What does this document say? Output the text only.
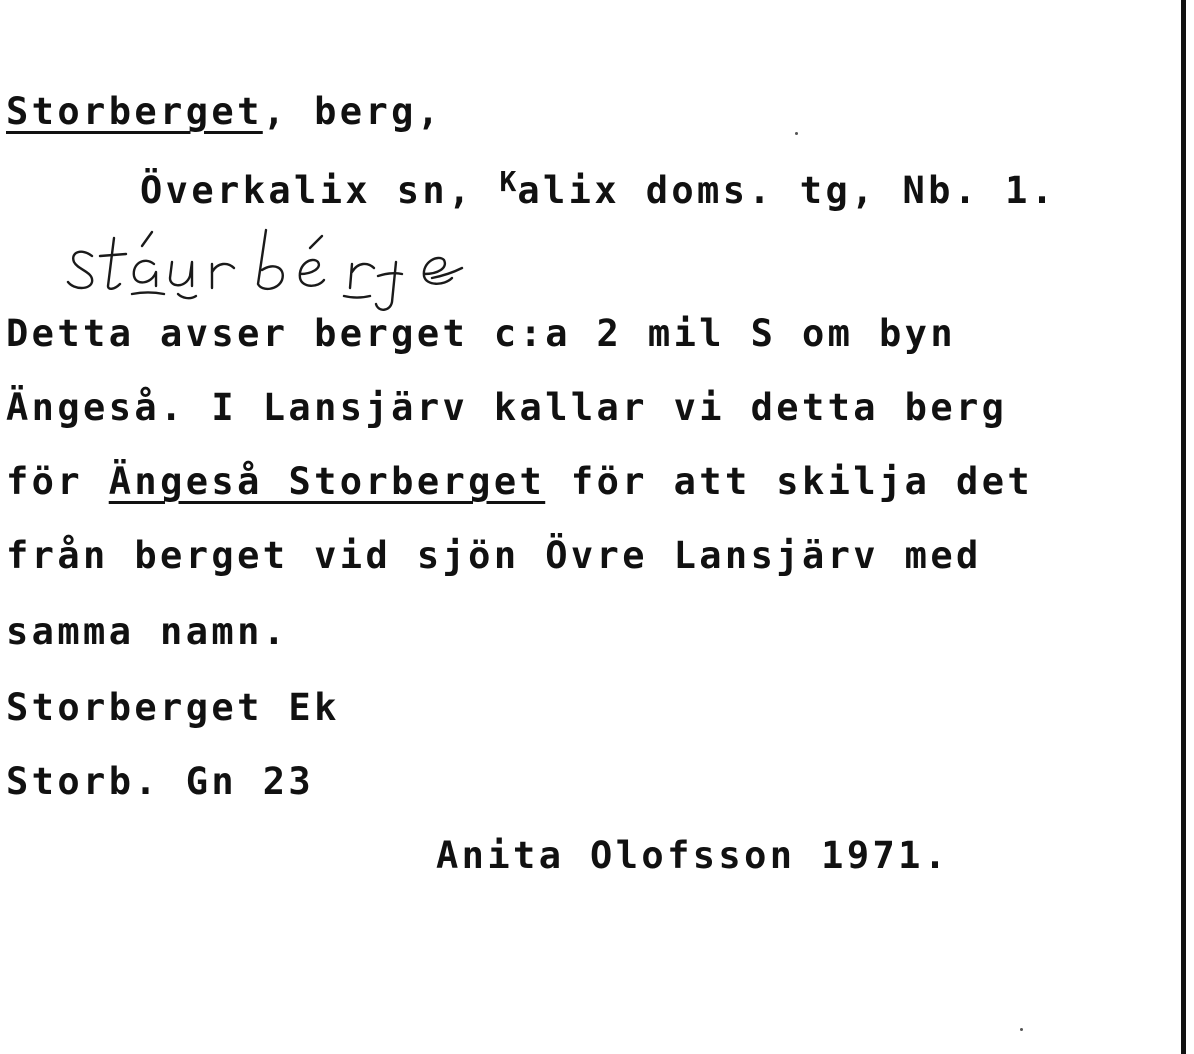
Storberget, berg,
Överkalix sn, $^K$alix doms. tg, Nb. 1.
Detta avser berget c:a 2 mil S om byn
Ängeså. I Lansjärv kallar vi detta berg
för Ängeså Storberget för att skilja det
från berget vid sjön Övre Lansjärv med
samma namn.
Storberget Ek
Storb. Gn 23
Anita Olofsson 1971.
